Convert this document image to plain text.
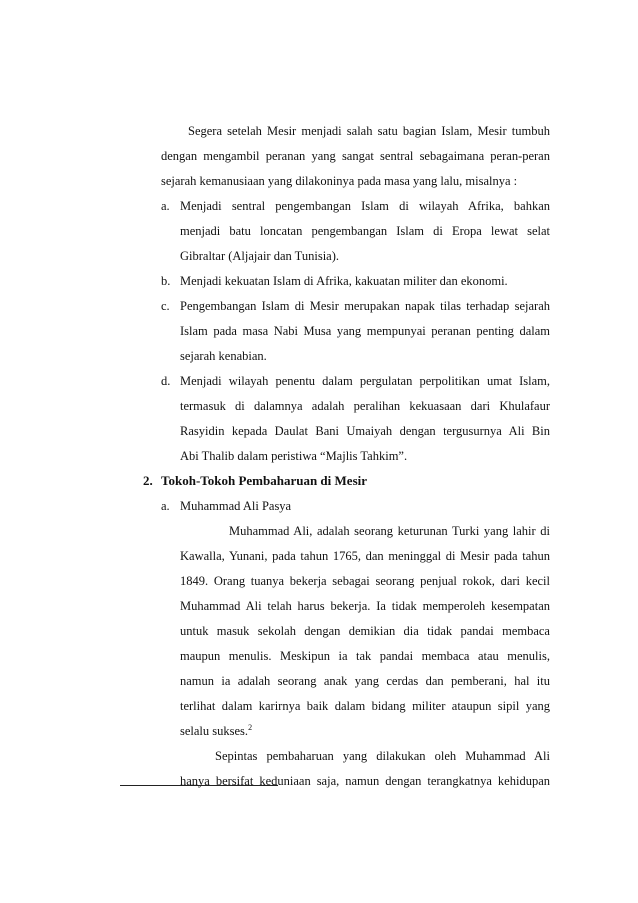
Segera setelah Mesir menjadi salah satu bagian Islam, Mesir tumbuh
dengan mengambil peranan yang sangat sentral sebagaimana peran-peran
sejarah kemanusiaan yang dilakoninya pada masa yang lalu, misalnya :
a. Menjadi sentral pengembangan Islam di wilayah Afrika, bahkan
menjadi batu loncatan pengembangan Islam di Eropa lewat selat
Gibraltar (Aljajair dan Tunisia).
b. Menjadi kekuatan Islam di Afrika, kakuatan militer dan ekonomi.
c. Pengembangan Islam di Mesir merupakan napak tilas terhadap sejarah
Islam pada masa Nabi Musa yang mempunyai peranan penting dalam
sejarah kenabian.
d. Menjadi wilayah penentu dalam pergulatan perpolitikan umat Islam,
termasuk di dalamnya adalah peralihan kekuasaan dari Khulafaur
Rasyidin kepada Daulat Bani Umaiyah dengan tergusurnya Ali Bin
Abi Thalib dalam peristiwa “Majlis Tahkim”.
2. Tokoh-Tokoh Pembaharuan di Mesir
a. Muhammad Ali Pasya
Muhammad Ali, adalah seorang keturunan Turki yang lahir di
Kawalla, Yunani, pada tahun 1765, dan meninggal di Mesir pada tahun
1849. Orang tuanya bekerja sebagai seorang penjual rokok, dari kecil
Muhammad Ali telah harus bekerja. Ia tidak memperoleh kesempatan
untuk masuk sekolah dengan demikian dia tidak pandai membaca
maupun menulis. Meskipun ia tak pandai membaca atau menulis,
namun ia adalah seorang anak yang cerdas dan pemberani, hal itu
terlihat dalam karirnya baik dalam bidang militer ataupun sipil yang
selalu sukses.$^2$
Sepintas pembaharuan yang dilakukan oleh Muhammad Ali
hanya bersifat keduniaan saja, namun dengan terangkatnya kehidupan
